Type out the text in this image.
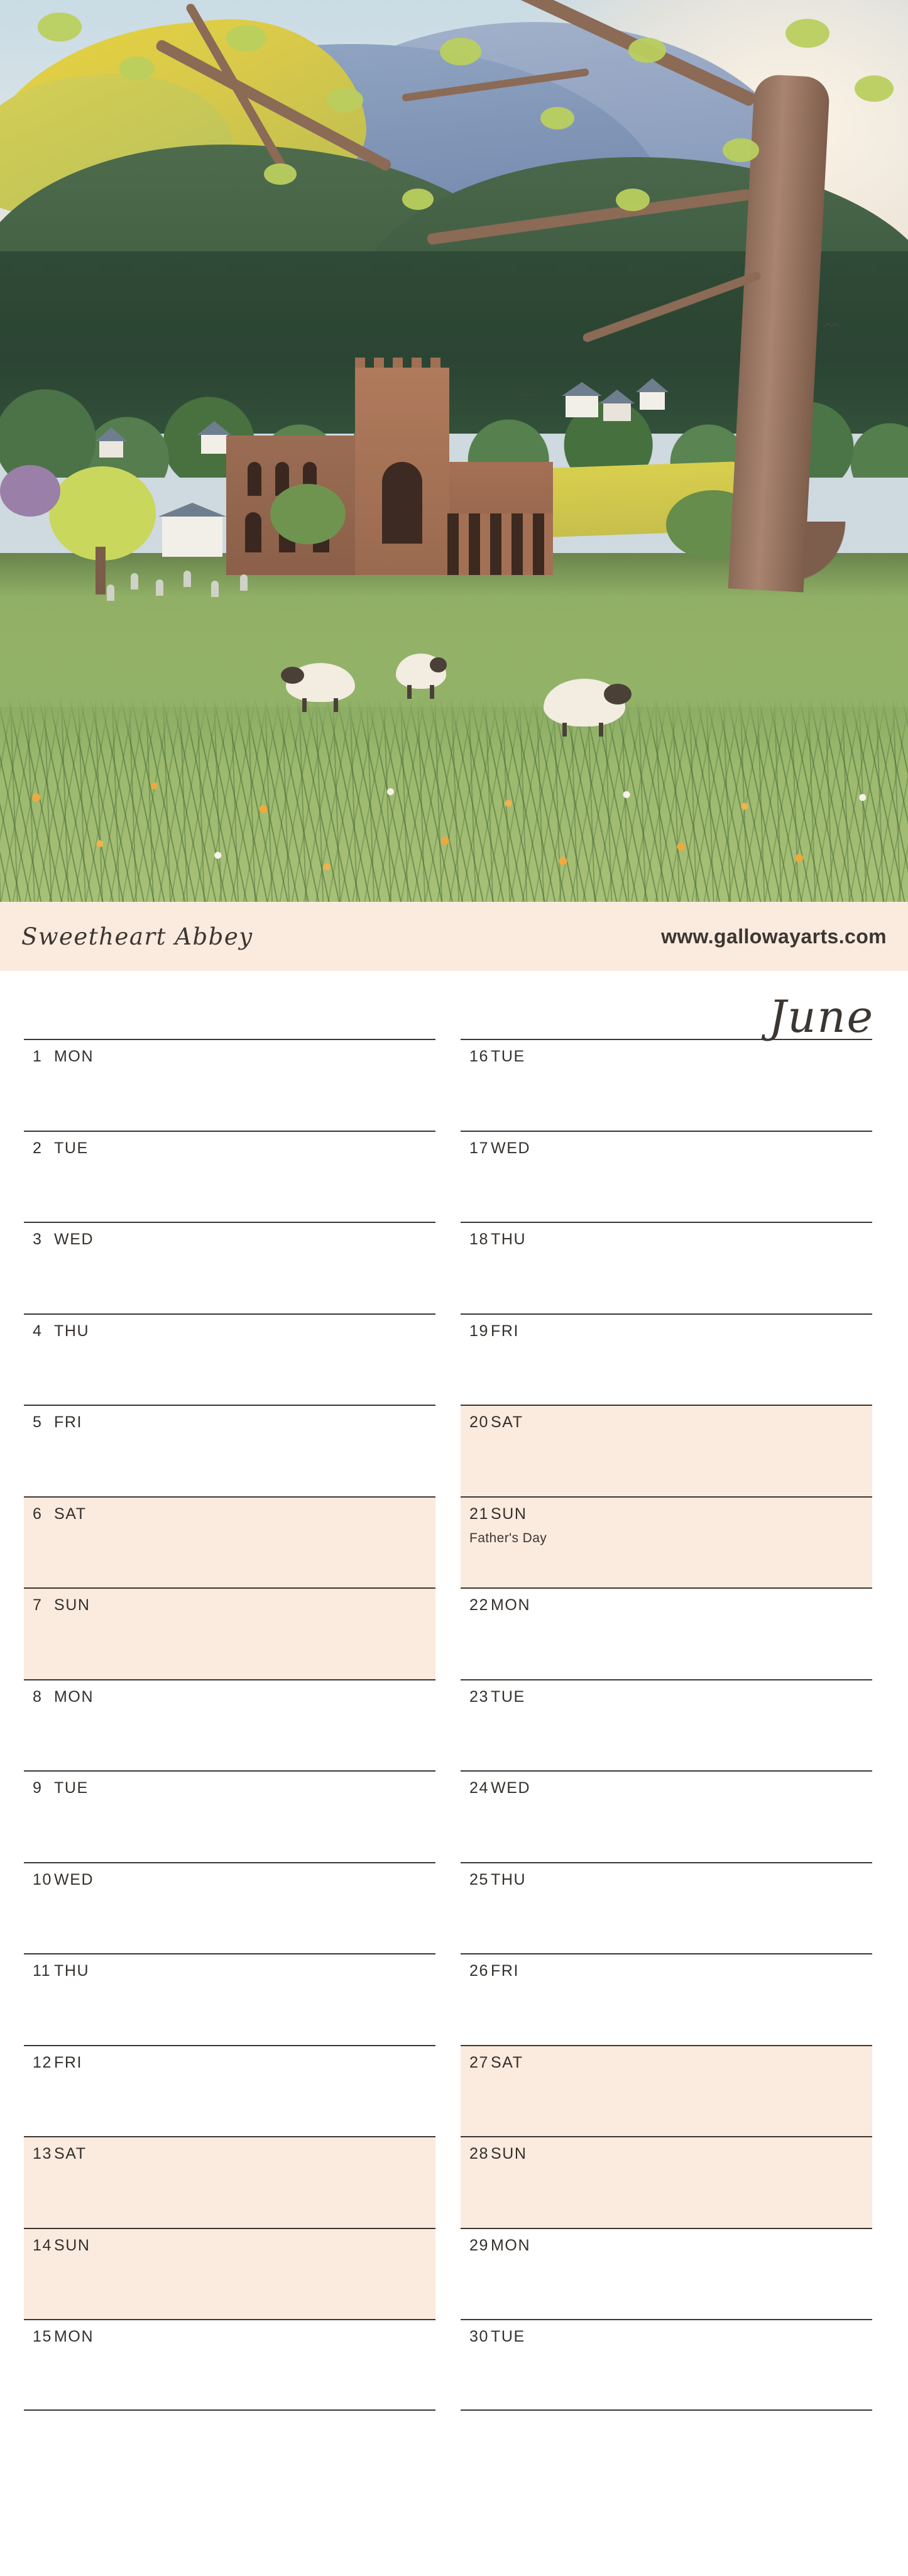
Sweetheart Abbey	www.gallowayarts.com
June
1 MON
2 TUE
3 WED
4 THU
5 FRI
6 SAT
7 SUN
8 MON
9 TUE
10 WED
11 THU
12 FRI
13 SAT
14 SUN
15 MON
16 TUE
17 WED
18 THU
19 FRI
20 SAT
21 SUN
Father's Day
22 MON
23 TUE
24 WED
25 THU
26 FRI
27 SAT
28 SUN
29 MON
30 TUE
